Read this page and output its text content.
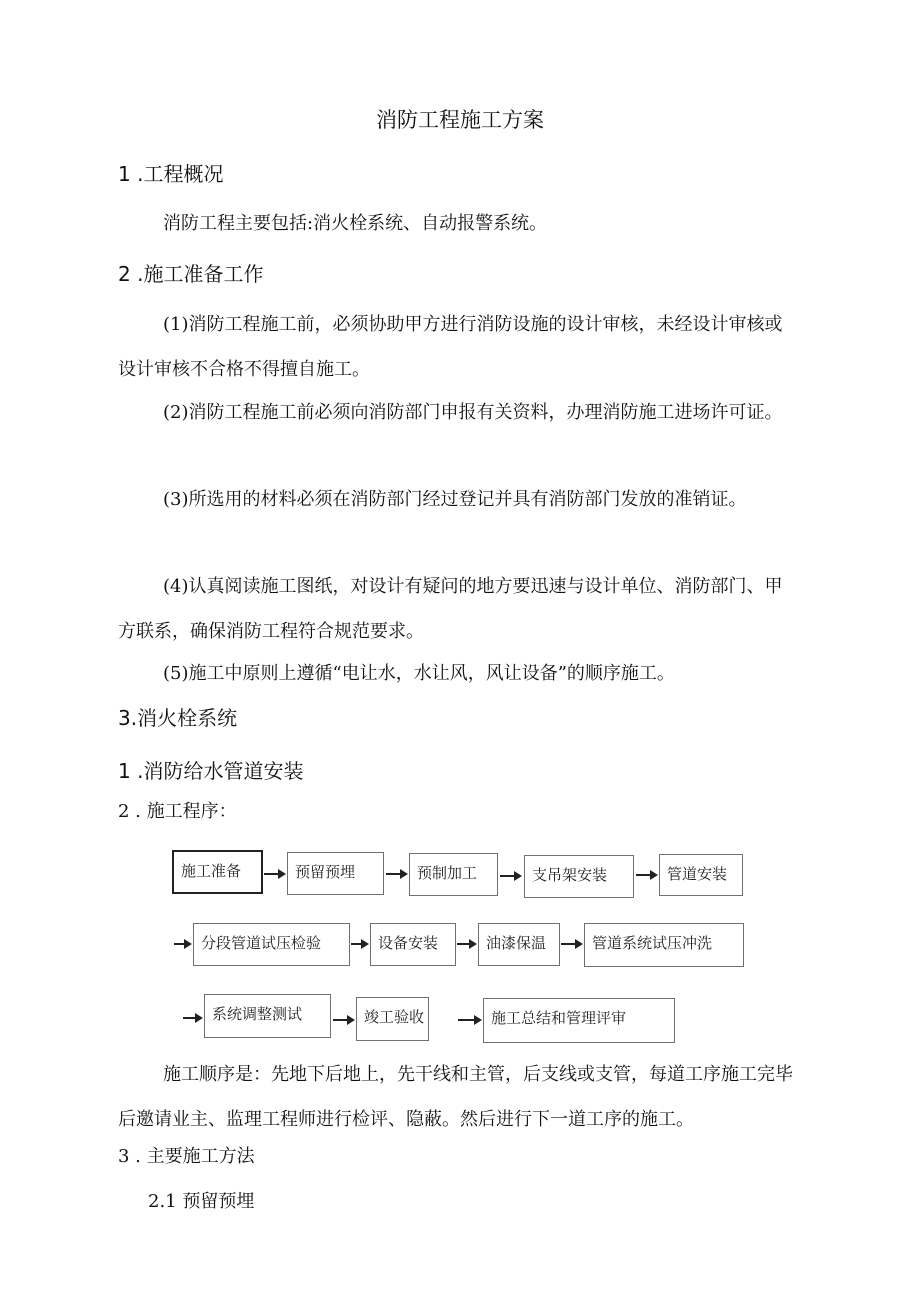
消防工程施工方案
1 .工程概况
消防工程主要包括:消火栓系统、自动报警系统。
2 .施工准备工作
(1)消防工程施工前，必须协助甲方进行消防设施的设计审核，未经设计审核或设计审核不合格不得擅自施工。
(2)消防工程施工前必须向消防部门申报有关资料，办理消防施工进场许可证。
(3)所选用的材料必须在消防部门经过登记并具有消防部门发放的准销证。
(4)认真阅读施工图纸，对设计有疑问的地方要迅速与设计单位、消防部门、甲方联系，确保消防工程符合规范要求。
(5)施工中原则上遵循“电让水，水让风，风让设备”的顺序施工。
3.消火栓系统
1 .消防给水管道安装
2 . 施工程序：
施工准备	预留预埋	预制加工	支吊架安装	管道安装
分段管道试压检验	设备安装	油漆保温	管道系统试压冲洗
系统调整测试	竣工验收	施工总结和管理评审
施工顺序是：先地下后地上，先干线和主管，后支线或支管，每道工序施工完毕后邀请业主、监理工程师进行检评、隐蔽。然后进行下一道工序的施工。
3 . 主要施工方法
2.1 预留预埋
